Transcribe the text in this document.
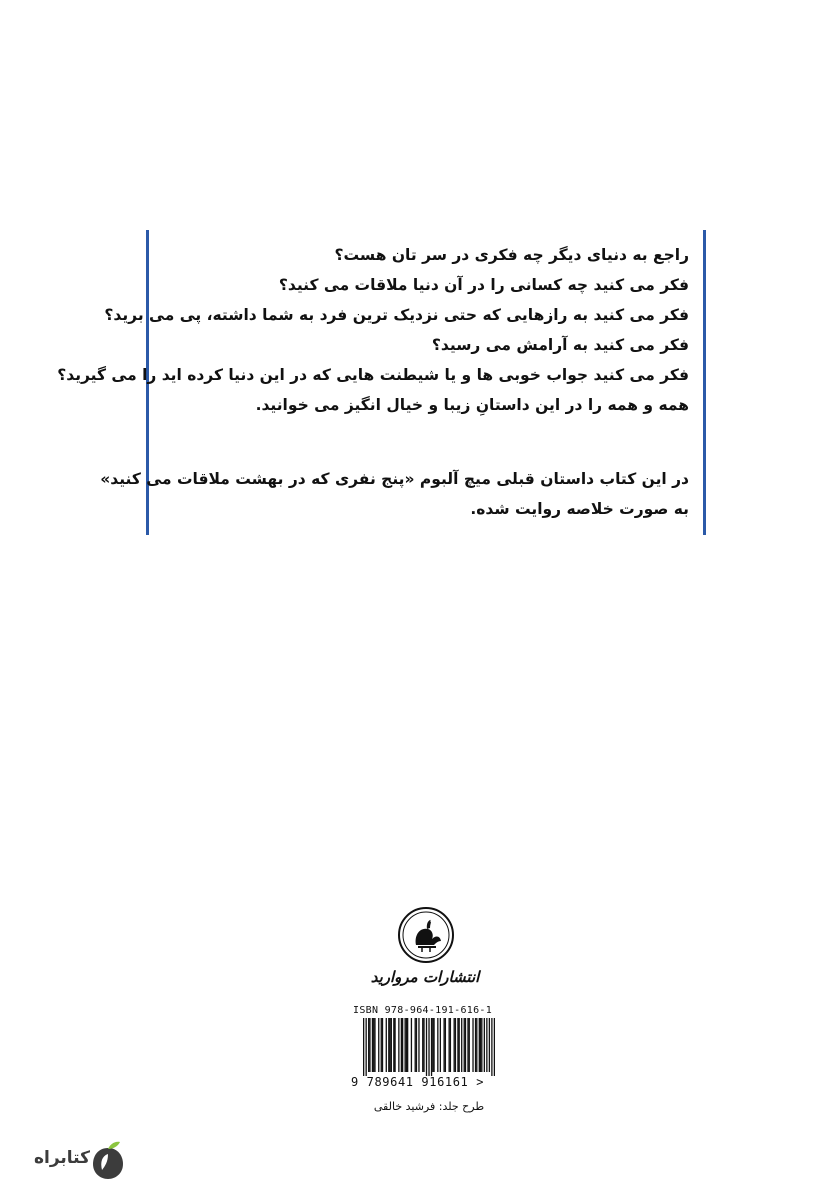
راجع به دنیای دیگر چه فکری در سر تان هست؟
فکر می کنید چه کسانی را در آن دنیا ملاقات می کنید؟
فکر می کنید به رازهایی که حتی نزدیک ترین فرد به شما داشته، پی می برید؟
فکر می کنید به آرامش می رسید؟
فکر می کنید جواب خوبی ها و یا شیطنت هایی که در این دنیا کرده اید را می گیرید؟
همه و همه را در این داستانِ زیبا و خیال انگیز می خوانید.
در این کتاب داستان قبلی میچ آلبوم «پنج نفری که در بهشت ملاقات می کنید»
به صورت خلاصه روایت شده.
انتشارات مروارید
ISBN 978-964-191-616-1
9 789641 916161 >
طرح جلد: فرشید خالقی
کتابراه
